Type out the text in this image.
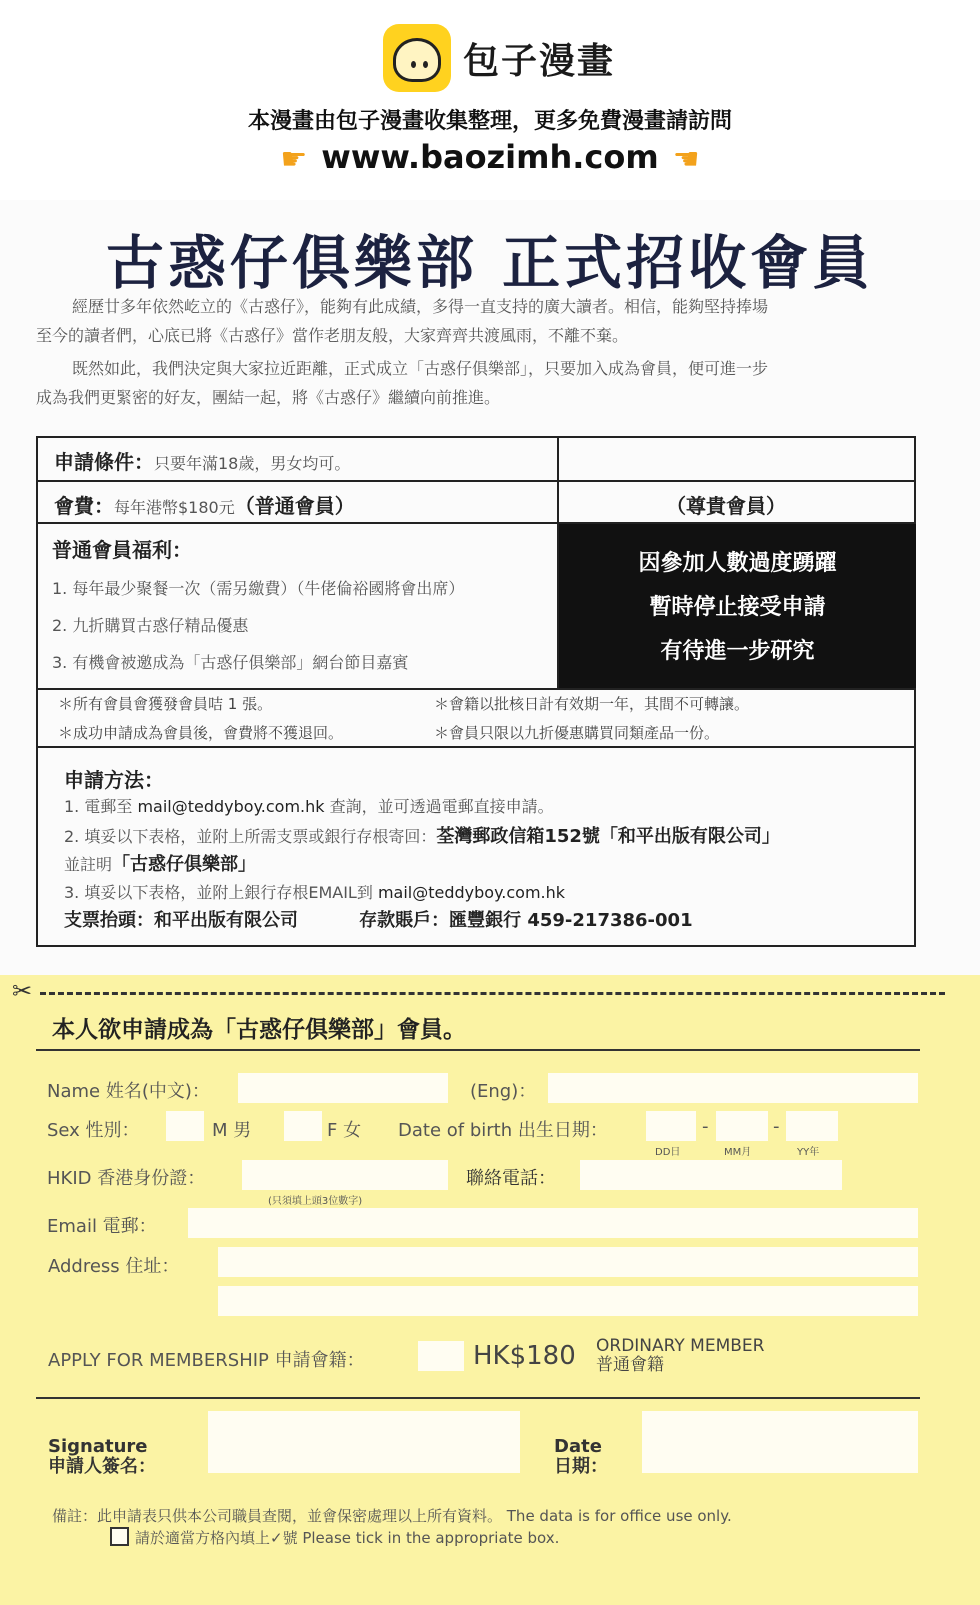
包子漫畫
本漫畫由包子漫畫收集整理，更多免費漫畫請訪問
☛ www.baozimh.com ☚
古惑仔俱樂部 正式招收會員
經歷廿多年依然屹立的《古惑仔》，能夠有此成績，多得一直支持的廣大讀者。相信，能夠堅持捧場
至今的讀者們，心底已將《古惑仔》當作老朋友般，大家齊齊共渡風雨，不離不棄。
既然如此，我們決定與大家拉近距離，正式成立「古惑仔俱樂部」，只要加入成為會員，便可進一步
成為我們更緊密的好友，團結一起，將《古惑仔》繼續向前推進。
申請條件：只要年滿18歲，男女均可。
會費：每年港幣$180元（普通會員）	（尊貴會員）
普通會員福利：
1. 每年最少聚餐一次（需另繳費）（牛佬倫裕國將會出席）
2. 九折購買古惑仔精品優惠
3. 有機會被邀成為「古惑仔俱樂部」網台節目嘉賓
因參加人數過度踴躍
暫時停止接受申請
有待進一步研究
＊所有會員會獲發會員咭 1 張。	＊會籍以批核日計有效期一年，其間不可轉讓。
＊成功申請成為會員後，會費將不獲退回。	＊會員只限以九折優惠購買同類產品一份。
申請方法：
1. 電郵至 mail@teddyboy.com.hk 查詢，並可透過電郵直接申請。
2. 填妥以下表格，並附上所需支票或銀行存根寄回：荃灣郵政信箱152號「和平出版有限公司」
並註明「古惑仔俱樂部」
3. 填妥以下表格，並附上銀行存根EMAIL到 mail@teddyboy.com.hk
支票抬頭：和平出版有限公司	存款賬戶：匯豐銀行 459-217386-001
✂
本人欲申請成為「古惑仔俱樂部」會員。
Name 姓名(中文)：	(Eng)：
Sex 性別：	M 男	F 女 Date of birth 出生日期：	-	-
DD日	MM月	YY年
HKID 香港身份證：
(只須填上頭3位數字)
聯絡電話：
Email 電郵：
Address 住址：
APPLY FOR MEMBERSHIP 申請會籍：	HK$180 ORDINARY MEMBER
普通會籍
Signature
申請人簽名：
Date
日期：
備註：此申請表只供本公司職員查閱，並會保密處理以上所有資料。 The data is for office use only.
請於適當方格內填上✓號 Please tick in the appropriate box.
